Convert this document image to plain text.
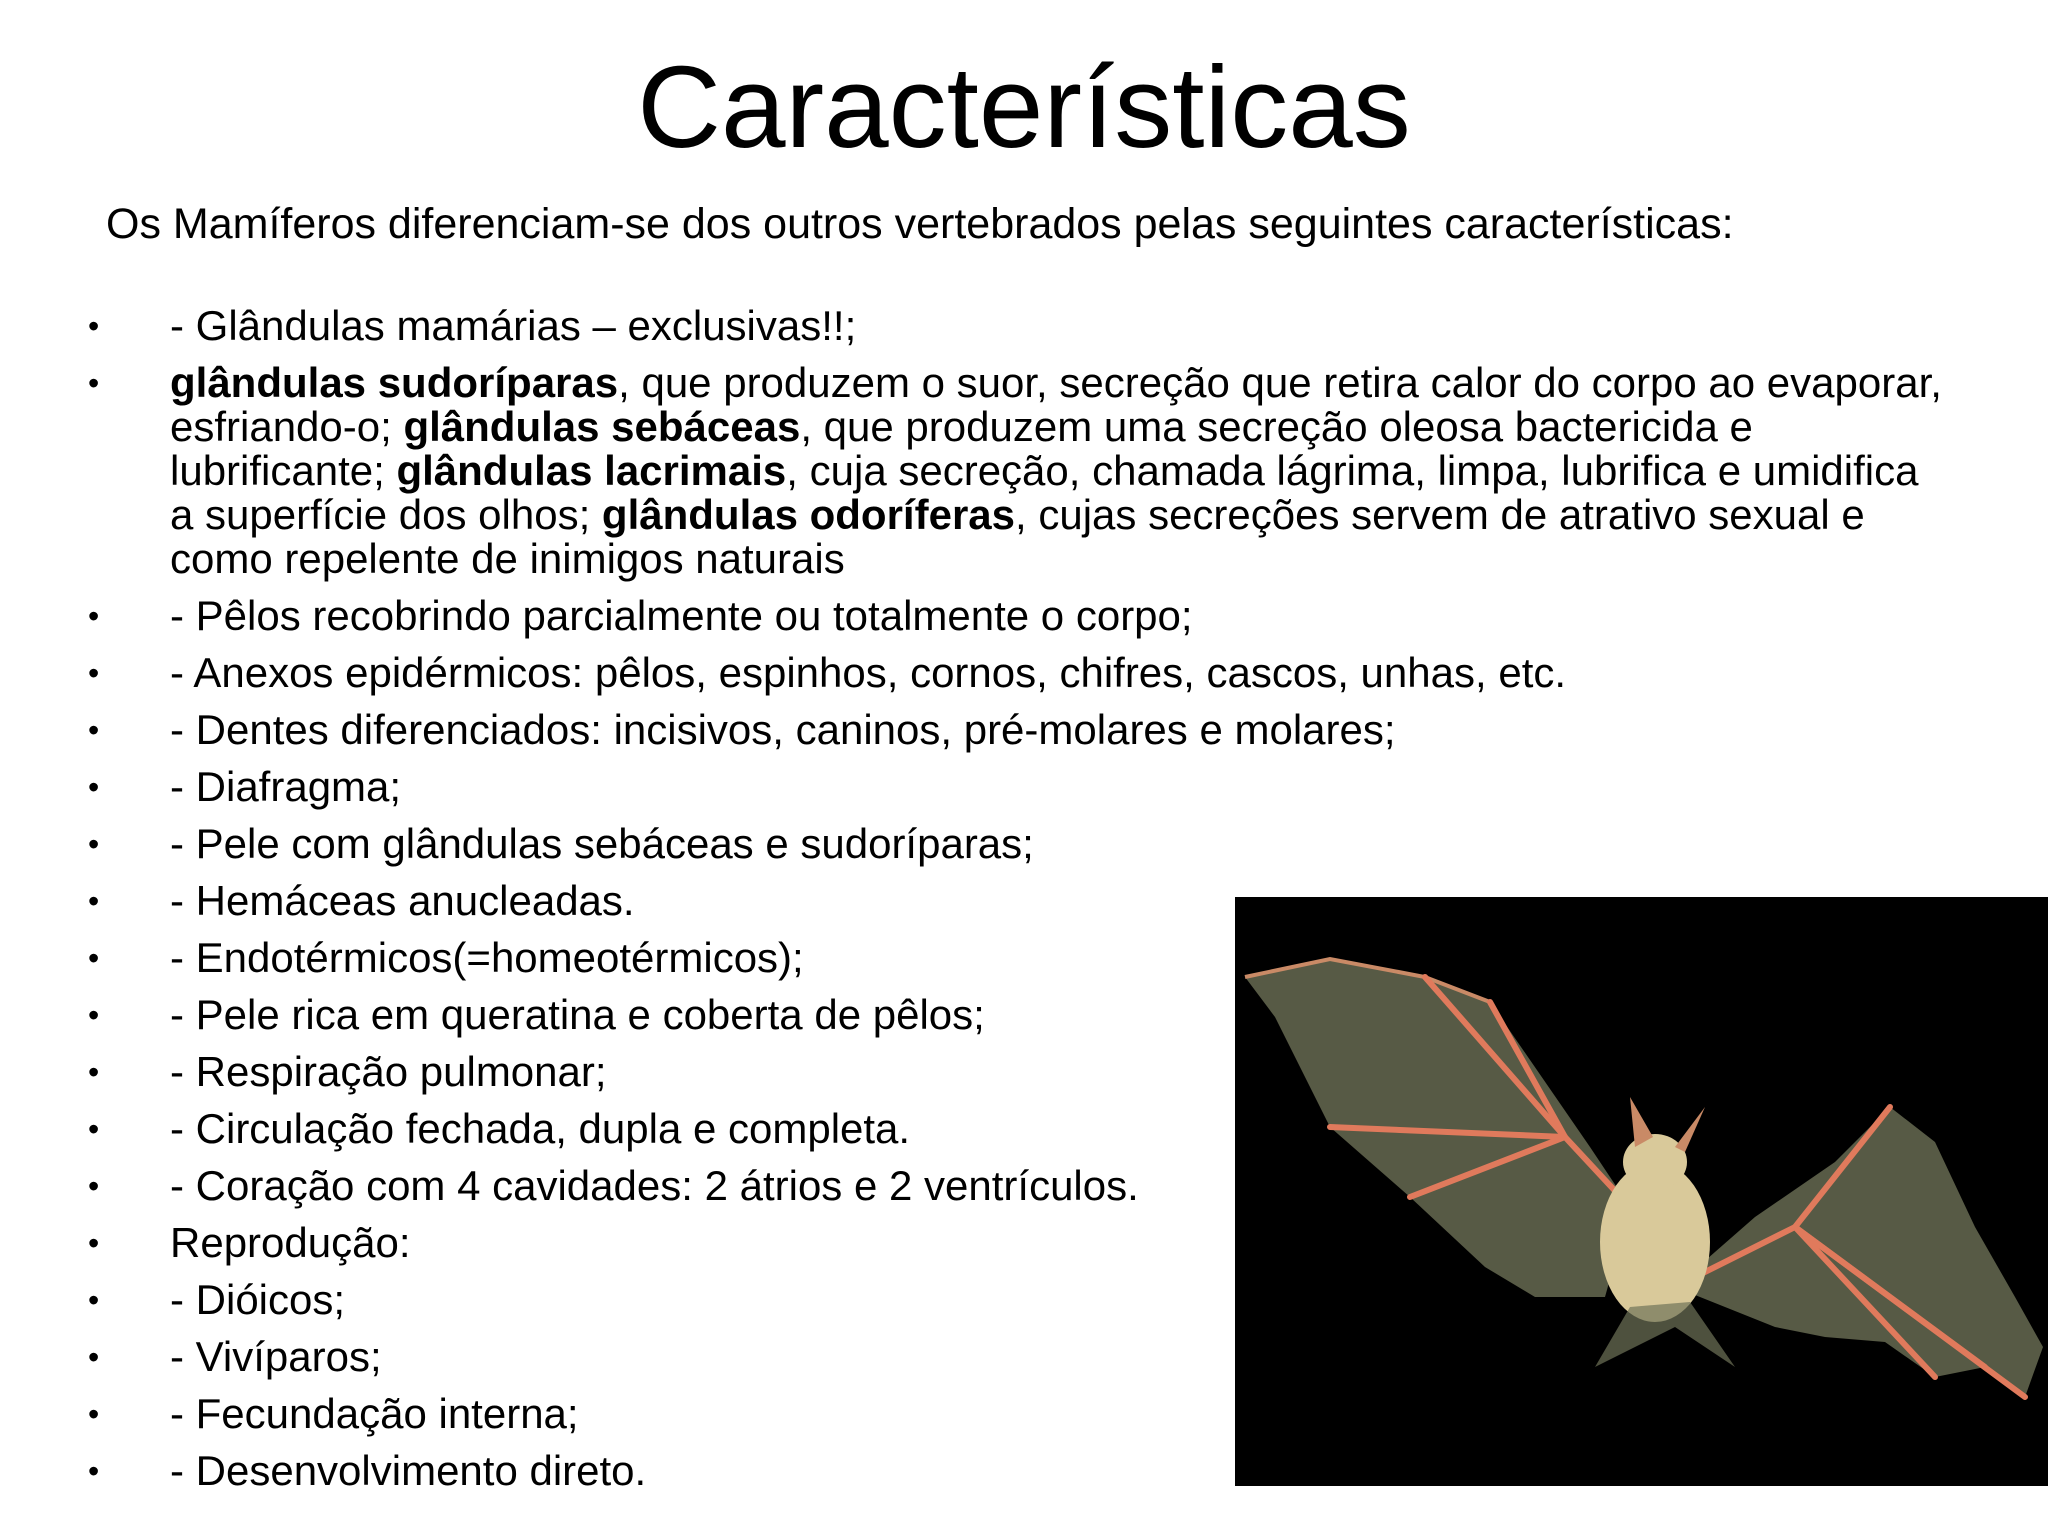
Características
Os Mamíferos diferenciam-se dos outros vertebrados pelas seguintes características:
• - Glândulas mamárias – exclusivas!!;
• glândulas sudoríparas, que produzem o suor, secreção que retira calor do corpo ao evaporar, esfriando-o; glândulas sebáceas, que produzem uma secreção oleosa bactericida e lubrificante; glândulas lacrimais, cuja secreção, chamada lágrima, limpa, lubrifica e umidifica a superfície dos olhos; glândulas odoríferas, cujas secreções servem de atrativo sexual e como repelente de inimigos naturais
• - Pêlos recobrindo parcialmente ou totalmente o corpo;
• - Anexos epidérmicos: pêlos, espinhos, cornos, chifres, cascos, unhas, etc.
• - Dentes diferenciados: incisivos, caninos, pré-molares e molares;
• - Diafragma;
• - Pele com glândulas sebáceas e sudoríparas;
• - Hemáceas anucleadas.
• - Endotérmicos(=homeotérmicos);
• - Pele rica em queratina e coberta de pêlos;
• - Respiração pulmonar;
• - Circulação fechada, dupla e completa.
• - Coração com 4 cavidades: 2 átrios e 2 ventrículos.
• Reprodução:
• - Dióicos;
• - Vivíparos;
• - Fecundação interna;
• - Desenvolvimento direto.
